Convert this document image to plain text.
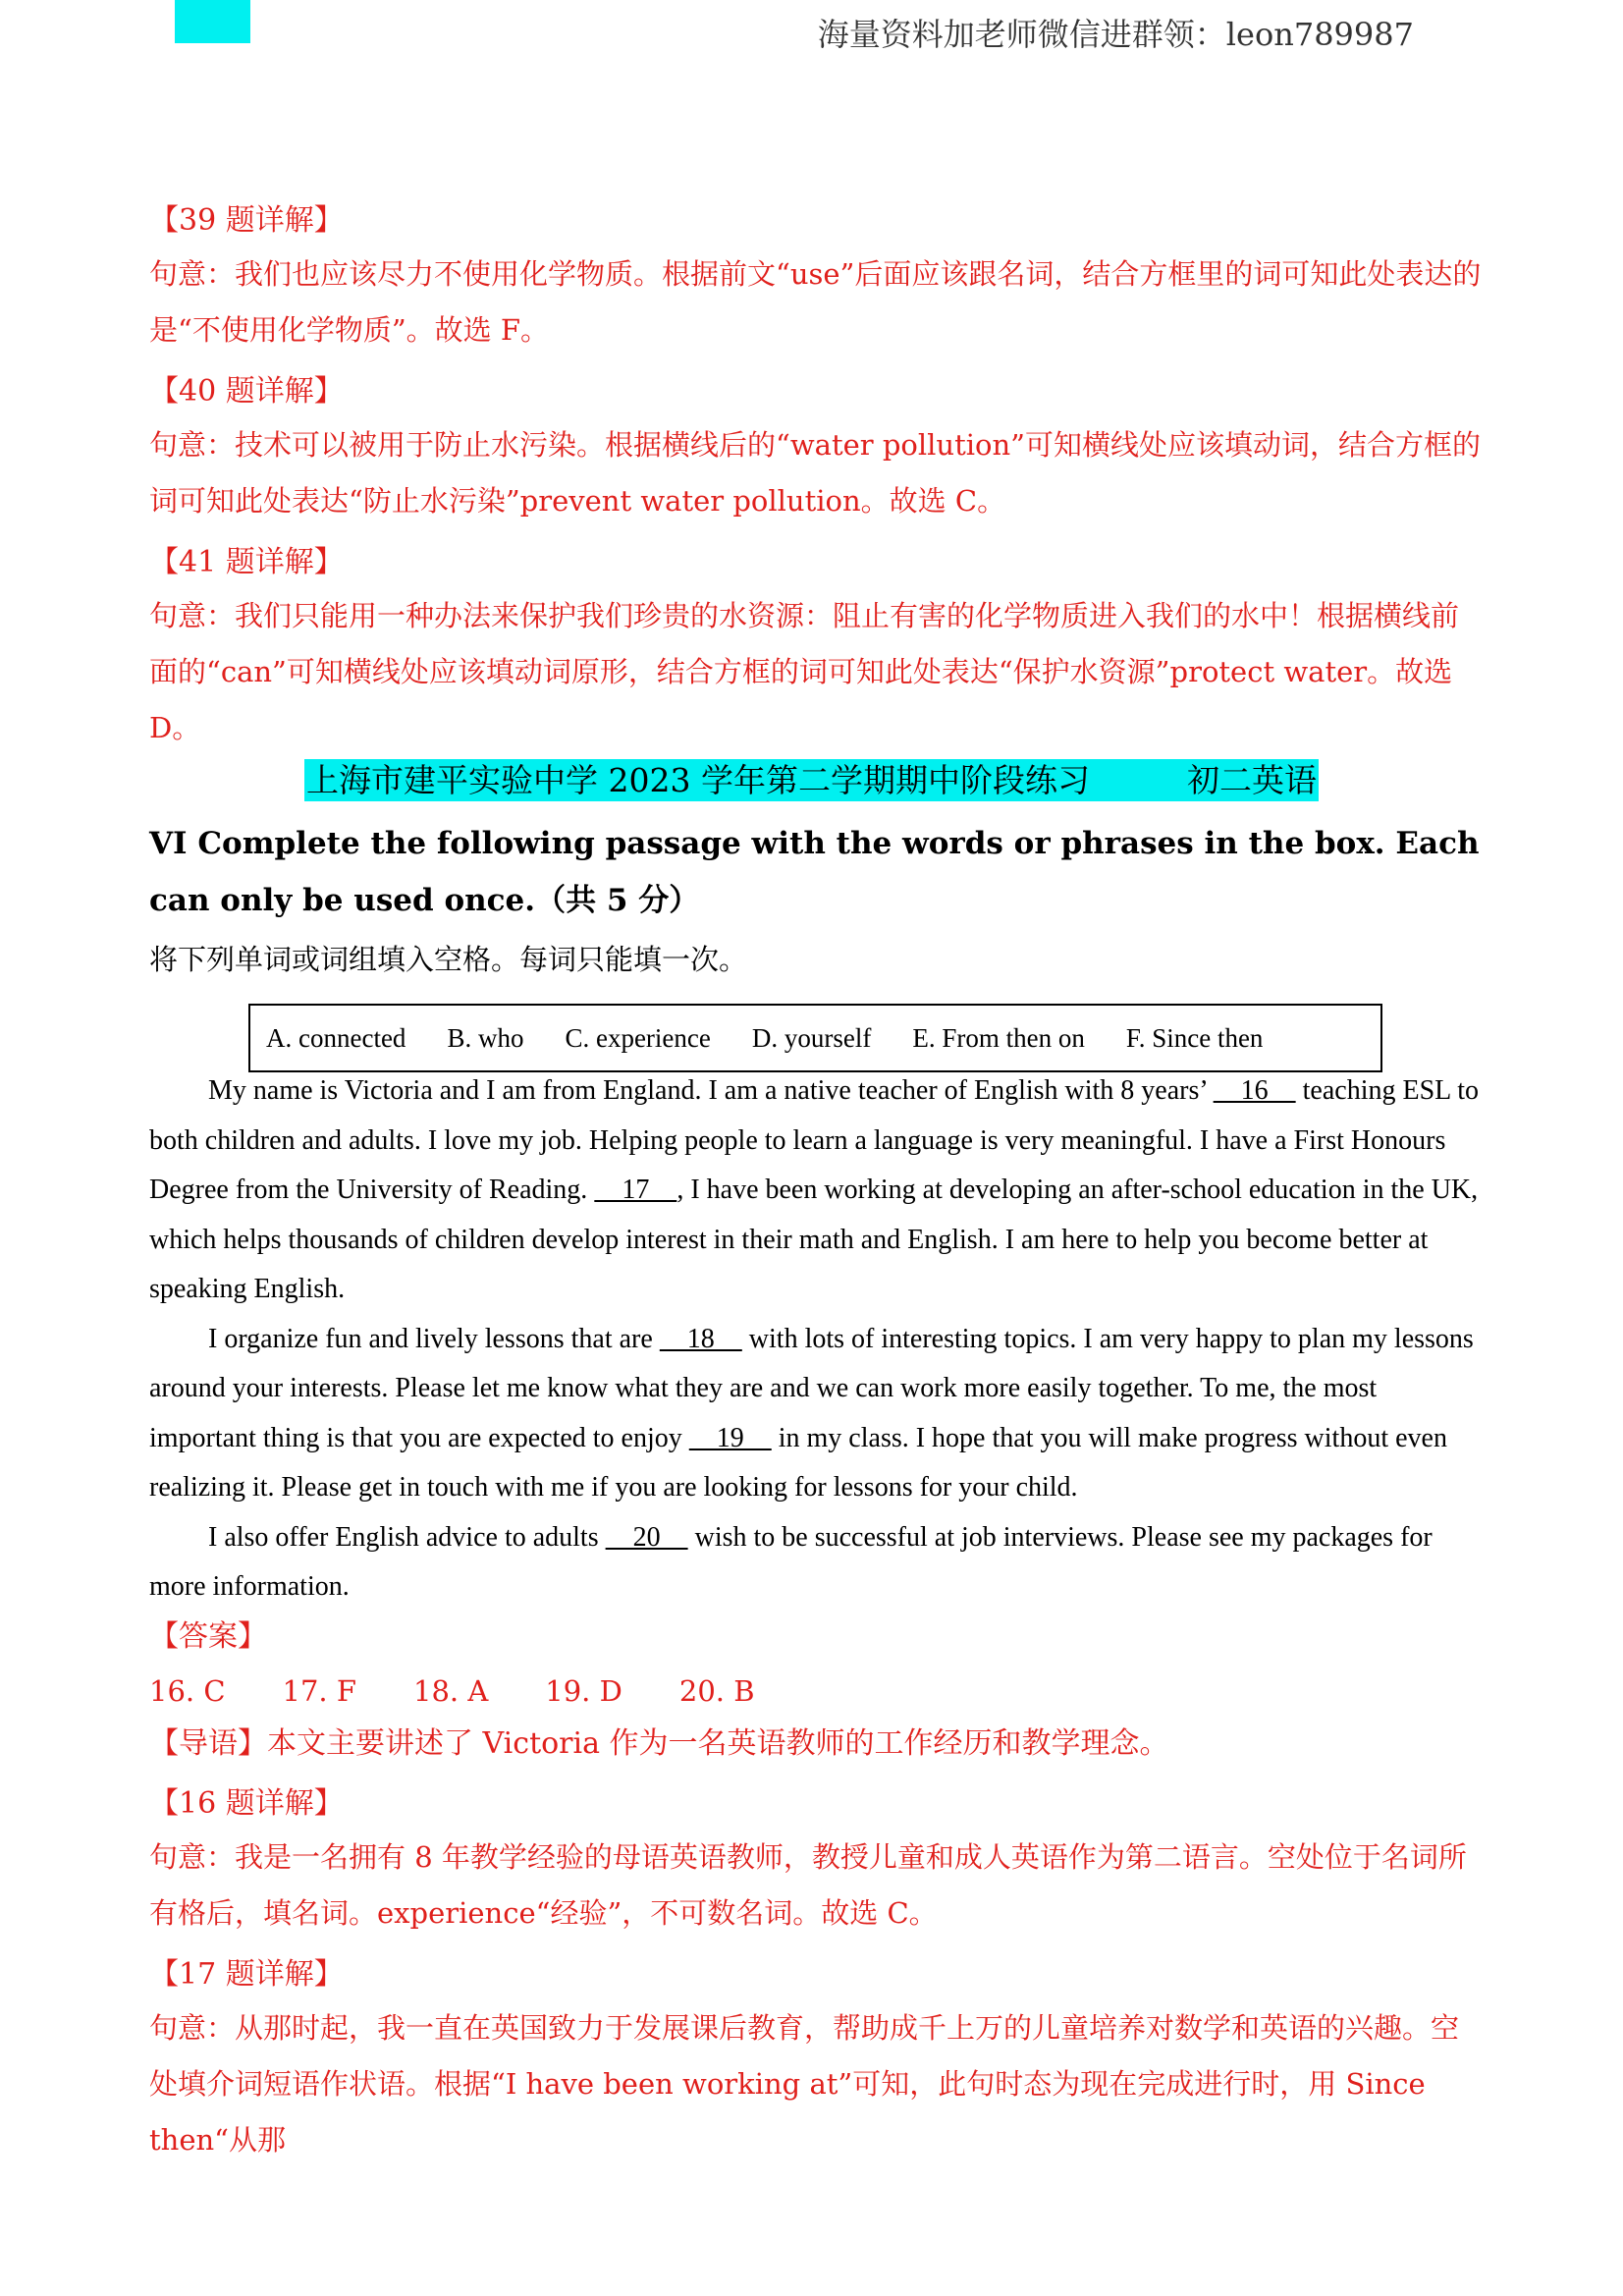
海量资料加老师微信进群领：leon789987
【39 题详解】
句意：我们也应该尽力不使用化学物质。根据前文“use”后面应该跟名词，结合方框里的词可知此处表达的是“不使用化学物质”。故选 F。
【40 题详解】
句意：技术可以被用于防止水污染。根据横线后的“water pollution”可知横线处应该填动词，结合方框的词可知此处表达“防止水污染”prevent water pollution。故选 C。
【41 题详解】
句意：我们只能用一种办法来保护我们珍贵的水资源：阻止有害的化学物质进入我们的水中！根据横线前面的“can”可知横线处应该填动词原形，结合方框的词可知此处表达“保护水资源”protect water。故选 D。
上海市建平实验中学 2023 学年第二学期期中阶段练习　　　初二英语
VI Complete the following passage with the words or phrases in the box. Each can only be used once.（共 5 分）
将下列单词或词组填入空格。每词只能填一次。
A. connected B. who C. experience D. yourself E. From then on F. Since then

My name is Victoria and I am from England. I am a native teacher of English with 8 years’     16     teaching ESL to both children and adults. I love my job. Helping people to learn a language is very meaningful. I have a First Honours Degree from the University of Reading.     17    , I have been working at developing an after-school education in the UK, which helps thousands of children develop interest in their math and English. I am here to help you become better at speaking English.

I organize fun and lively lessons that are     18     with lots of interesting topics. I am very happy to plan my lessons around your interests. Please let me know what they are and we can work more easily together. To me, the most important thing is that you are expected to enjoy     19     in my class. I hope that you will make progress without even realizing it. Please get in touch with me if you are looking for lessons for your child.

I also offer English advice to adults     20     wish to be successful at job interviews. Please see my packages for more information.

【答案】
16. C 17. F 18. A 19. D 20. B
【导语】本文主要讲述了 Victoria 作为一名英语教师的工作经历和教学理念。
【16 题详解】
句意：我是一名拥有 8 年教学经验的母语英语教师，教授儿童和成人英语作为第二语言。空处位于名词所有格后，填名词。experience“经验”，不可数名词。故选 C。
【17 题详解】
句意：从那时起，我一直在英国致力于发展课后教育，帮助成千上万的儿童培养对数学和英语的兴趣。空处填介词短语作状语。根据“I have been working at”可知，此句时态为现在完成进行时，用 Since then“从那
